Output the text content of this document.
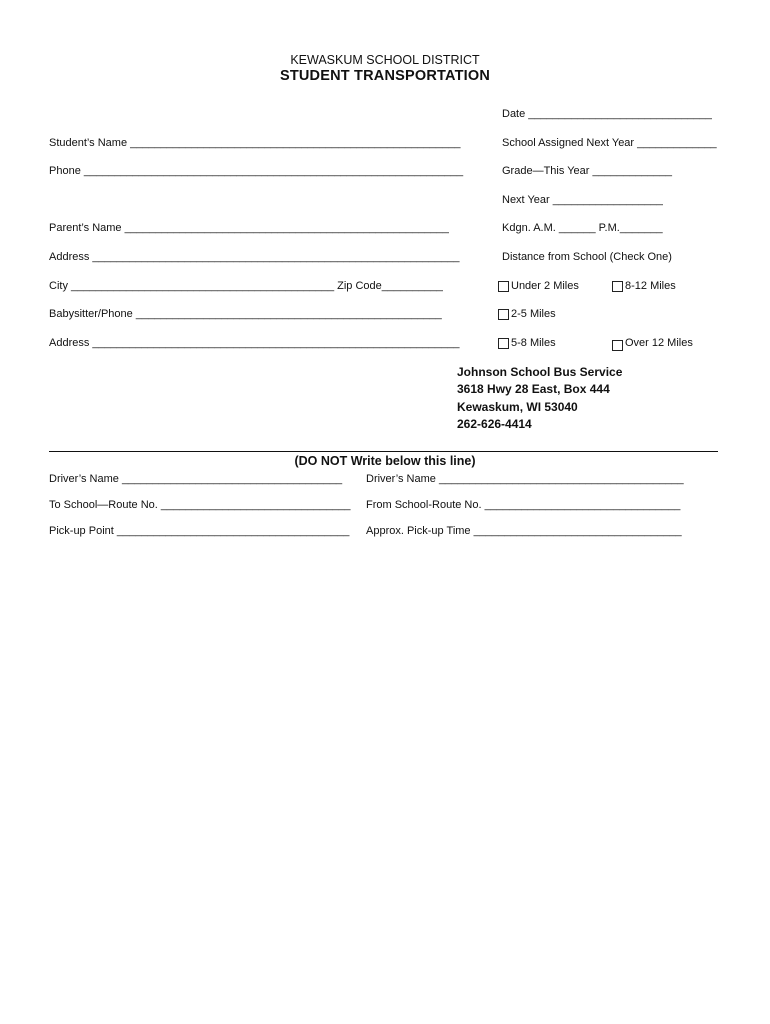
KEWASKUM SCHOOL DISTRICT
STUDENT TRANSPORTATION
Date ______________________________
Student’s Name ______________________________________________________	School Assigned Next Year _____________
Phone ______________________________________________________________	Grade—This Year _____________
Next Year __________________
Parent’s Name _____________________________________________________	Kdgn. A.M. ______ P.M._______
Address ____________________________________________________________	Distance from School (Check One)
City ___________________________________________ Zip Code__________	Under 2 Miles	8-12 Miles
Babysitter/Phone __________________________________________________	2-5 Miles
Address ____________________________________________________________	5-8 Miles	Over 12 Miles
Johnson School Bus Service
3618 Hwy 28 East, Box 444
Kewaskum, WI 53040
262-626-4414
(DO NOT Write below this line)
Driver’s Name ____________________________________ Driver’s Name ________________________________________
To School—Route No. _______________________________ From School-Route No. ________________________________
Pick-up Point ______________________________________ Approx. Pick-up Time __________________________________
